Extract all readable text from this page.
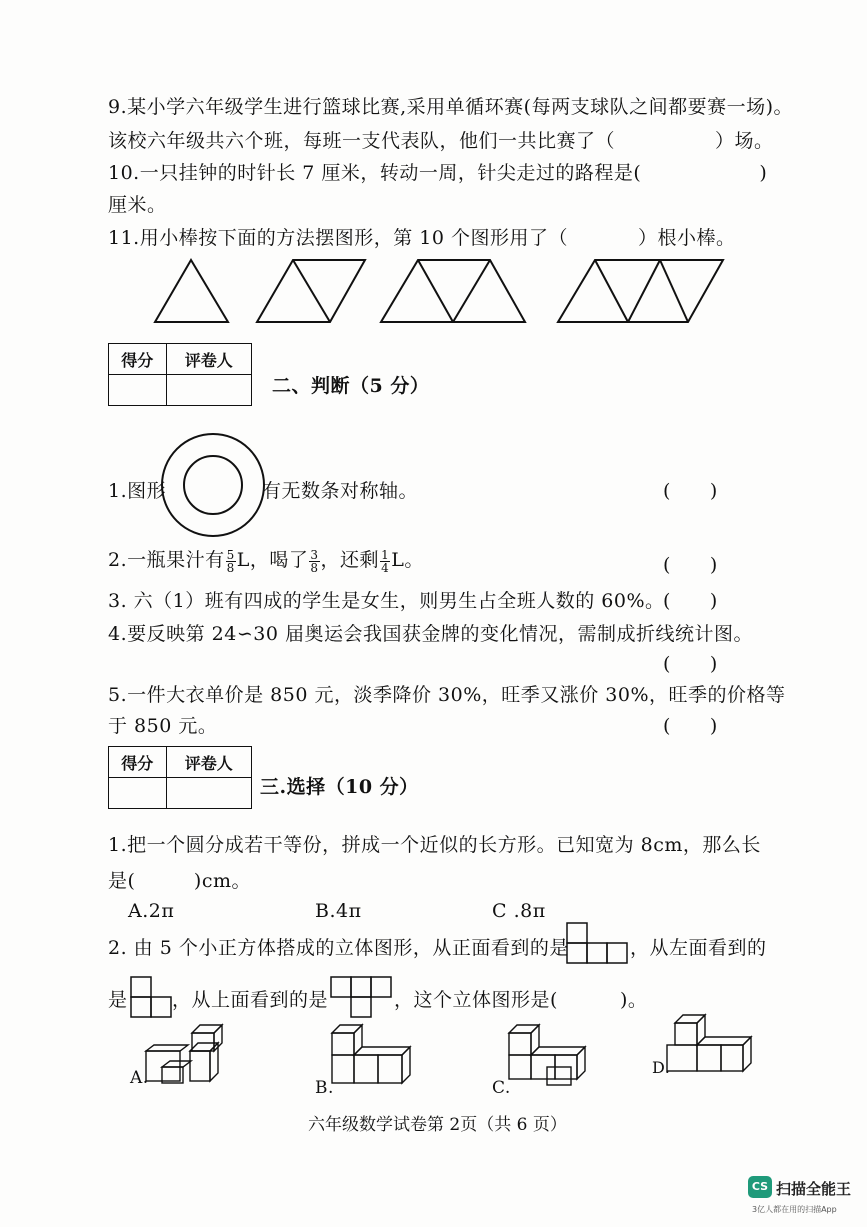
9.某小学六年级学生进行篮球比赛,采用单循环赛(每两支球队之间都要赛一场)。
该校六年级共六个班，每班一支代表队，他们一共比赛了（	）场。
10.一只挂钟的时针长 7 厘米，转动一周，针尖走过的路程是(	)
厘米。
11.用小棒按下面的方法摆图形，第 10 个图形用了（	）根小棒。
得分	评卷人

二、判断（5 分）
1.图形	有无数条对称轴。	(　　)
2.一瓶果汁有 $\frac{5}{8}$ L，喝了 $\frac{3}{8}$ ，还剩 $\frac{1}{4}$ L。	(　　)
3. 六（1）班有四成的学生是女生，则男生占全班人数的 60%。
(　　)
4.要反映第 24∽30 届奥运会我国获金牌的变化情况，需制成折线统计图。
(　　)
5.一件大衣单价是 850 元，淡季降价 30%，旺季又涨价 30%，旺季的价格等
于 850 元。	(　　)
得分	评卷人

三.选择（10 分）
1.把一个圆分成若干等份，拼成一个近似的长方形。已知宽为 8cm，那么长
是(　　　)cm。
A.2π	B.4π	C .8π
2. 由 5 个小正方体搭成的立体图形，从正面看到的是	，从左面看到的
是 ，从上面看到的是	，这个立体图形是(	)。
A.	B.	C.
D.
六年级数学试卷第 2页（共 6 页）
CS 扫描全能王
3亿人都在用的扫描App
